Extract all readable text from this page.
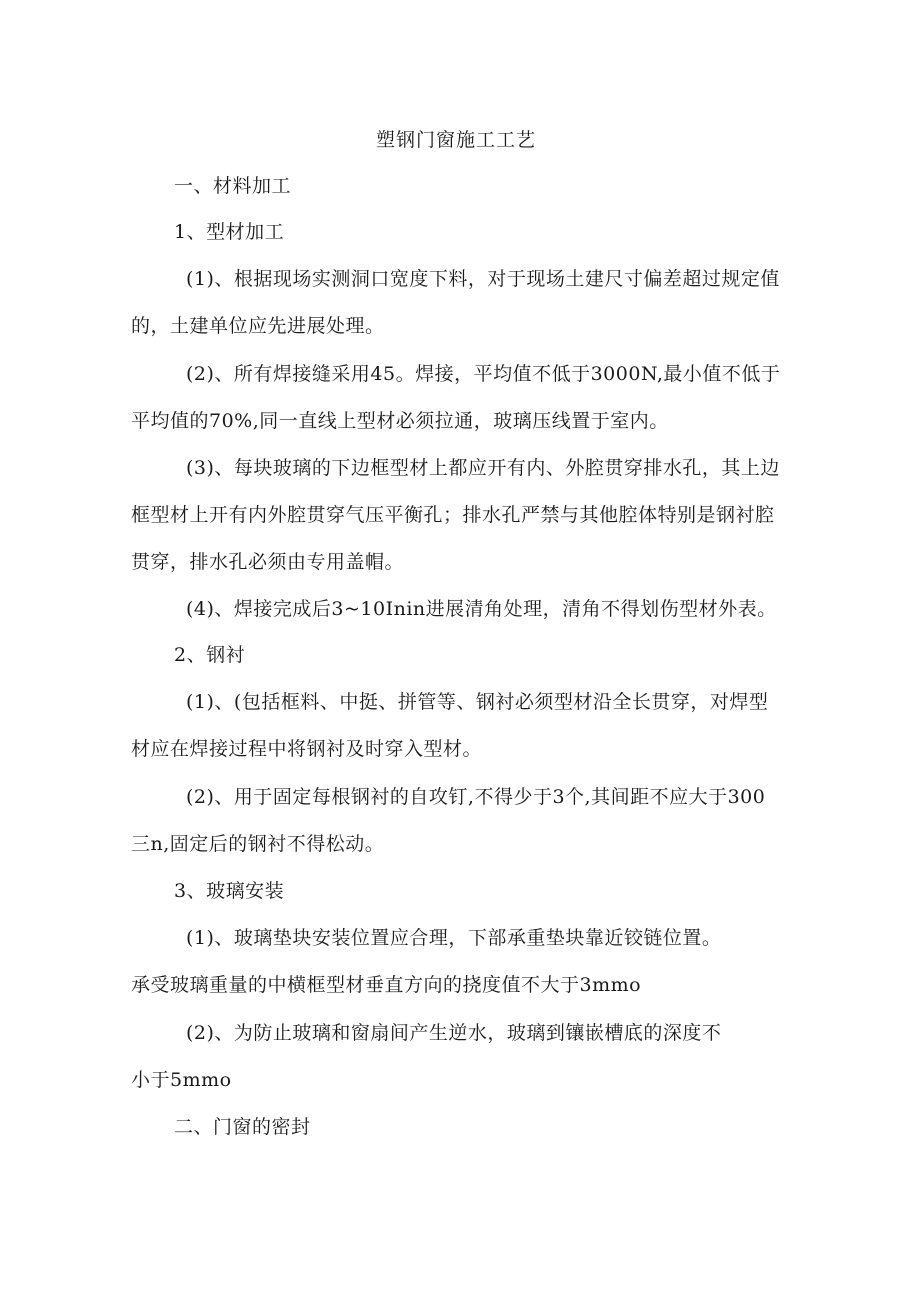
塑钢门窗施工工艺
一、材料加工
1、型材加工
(1)、根据现场实测洞口宽度下料，对于现场土建尺寸偏差超过规定值
的，土建单位应先进展处理。
(2)、所有焊接缝采用45。焊接，平均值不低于3000N,最小值不低于
平均值的70%,同一直线上型材必须拉通，玻璃压线置于室内。
(3)、每块玻璃的下边框型材上都应开有内、外腔贯穿排水孔，其上边
框型材上开有内外腔贯穿气压平衡孔；排水孔严禁与其他腔体特别是钢衬腔
贯穿，排水孔必须由专用盖帽。
(4)、焊接完成后3~10Inin进展清角处理，清角不得划伤型材外表。
2、钢衬
(1)、(包括框料、中挺、拼管等、钢衬必须型材沿全长贯穿，对焊型
材应在焊接过程中将钢衬及时穿入型材。
(2)、用于固定每根钢衬的自攻钉,不得少于3个,其间距不应大于300
三n,固定后的钢衬不得松动。
3、玻璃安装
(1)、玻璃垫块安装位置应合理，下部承重垫块靠近铰链位置。
承受玻璃重量的中横框型材垂直方向的挠度值不大于3mmo
(2)、为防止玻璃和窗扇间产生逆水，玻璃到镶嵌槽底的深度不
小于5mmo
二、门窗的密封
